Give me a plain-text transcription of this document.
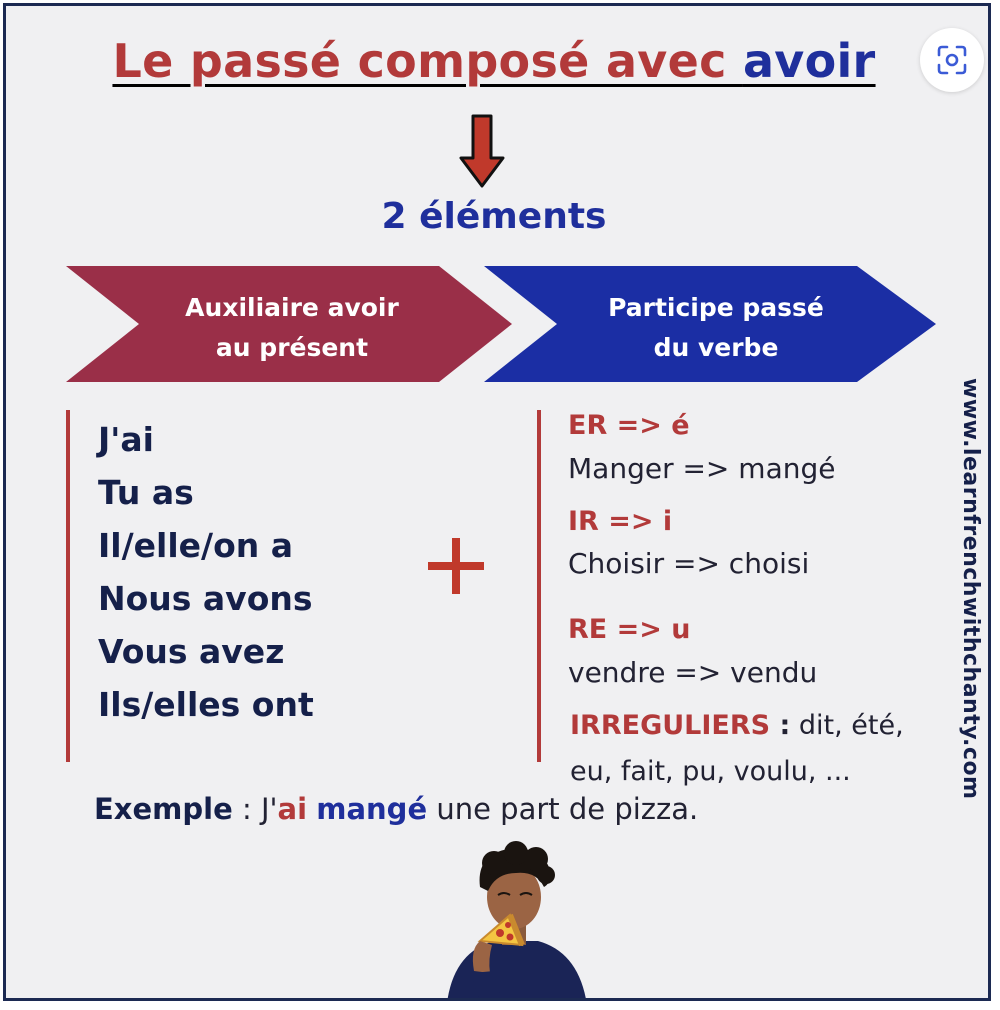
Le passé composé avec avoir
2 éléments
Auxiliaire avoir
au présent
Participe passé
du verbe
J'ai
Tu as
Il/elle/on a
Nous avons
Vous avez
Ils/elles ont
ER => é
Manger => mangé
IR => i
Choisir => choisi
RE => u
vendre => vendu
IRREGULIERS : dit, été,
eu, fait, pu, voulu, ...	www.learnfrenchwithchanty.com
Exemple : J'ai mangé une part de pizza.
